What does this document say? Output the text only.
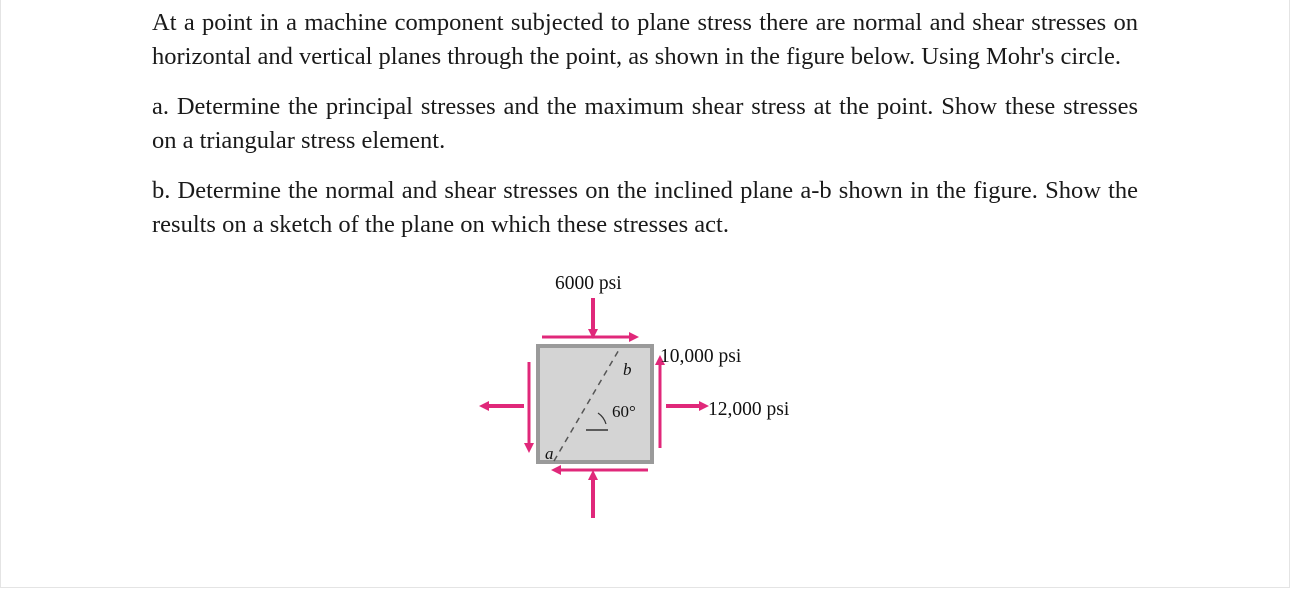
At a point in a machine component subjected to plane stress there are normal and shear stresses on horizontal and vertical planes through the point, as shown in the figure below. Using Mohr's circle.

a. Determine the principal stresses and the maximum shear stress at the point. Show these stresses on a triangular stress element.

b. Determine the normal and shear stresses on the inclined plane a-b shown in the figure. Show the results on a sketch of the plane on which these stresses act.

6000 psi
10,000 psi
12,000 psi
60°
a
b
